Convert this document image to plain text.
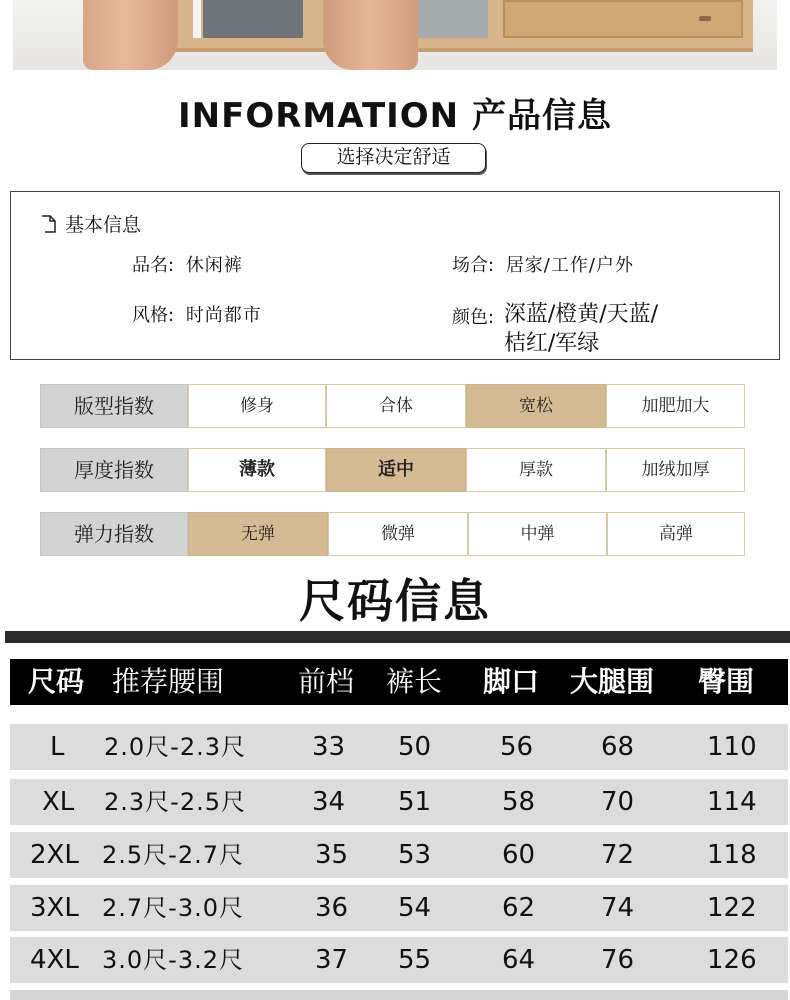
INFORMATION 产品信息
选择决定舒适
基本信息
品名: 休闲裤	场合: 居家/工作/户外
风格: 时尚都市	颜色: 深蓝/橙黄/天蓝/
桔红/军绿
版型指数	修身	合体	宽松	加肥加大
厚度指数	薄款	适中	厚款	加绒加厚
弹力指数	无弹	微弹	中弹	高弹
尺码信息
尺码 推荐腰围	前档 裤长 脚口 大腿围 臀围
L 2.0尺-2.3尺	33 50	56	68	110
XL 2.3尺-2.5尺	34 51	58	70	114
2XL 2.5尺-2.7尺	35 53	60	72	118
3XL 2.7尺-3.0尺	36 54	62	74	122
4XL 3.0尺-3.2尺	37 55	64	76	126
